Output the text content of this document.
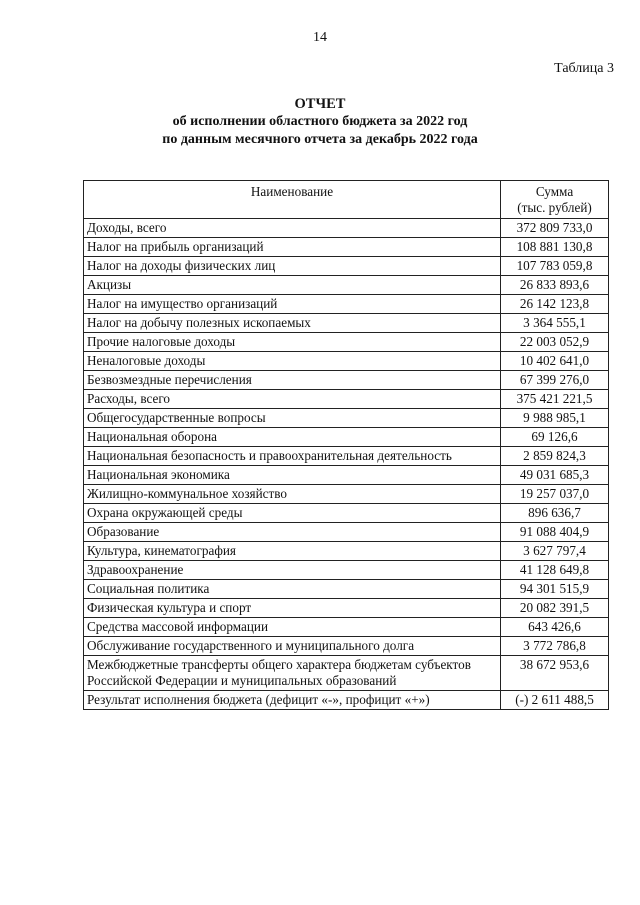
14
Таблица 3
ОТЧЕТ
об исполнении областного бюджета за 2022 год
по данным месячного отчета за декабрь 2022 года
Наименование	Сумма
(тыс. рублей)

Доходы, всего	372 809 733,0
Налог на прибыль организаций	108 881 130,8
Налог на доходы физических лиц	107 783 059,8
Акцизы	26 833 893,6
Налог на имущество организаций	26 142 123,8
Налог на добычу полезных ископаемых	3 364 555,1
Прочие налоговые доходы	22 003 052,9
Неналоговые доходы	10 402 641,0
Безвозмездные перечисления	67 399 276,0
Расходы, всего	375 421 221,5
Общегосударственные вопросы	9 988 985,1
Национальная оборона	69 126,6
Национальная безопасность и правоохранительная деятельность	2 859 824,3
Национальная экономика	49 031 685,3
Жилищно-коммунальное хозяйство	19 257 037,0
Охрана окружающей среды	896 636,7
Образование	91 088 404,9
Культура, кинематография	3 627 797,4
Здравоохранение	41 128 649,8
Социальная политика	94 301 515,9
Физическая культура и спорт	20 082 391,5
Средства массовой информации	643 426,6
Обслуживание государственного и муниципального долга	3 772 786,8
Межбюджетные трансферты общего характера бюджетам субъектов Российской Федерации и муниципальных образований	38 672 953,6
Результат исполнения бюджета (дефицит «-», профицит «+»)	(-) 2 611 488,5
